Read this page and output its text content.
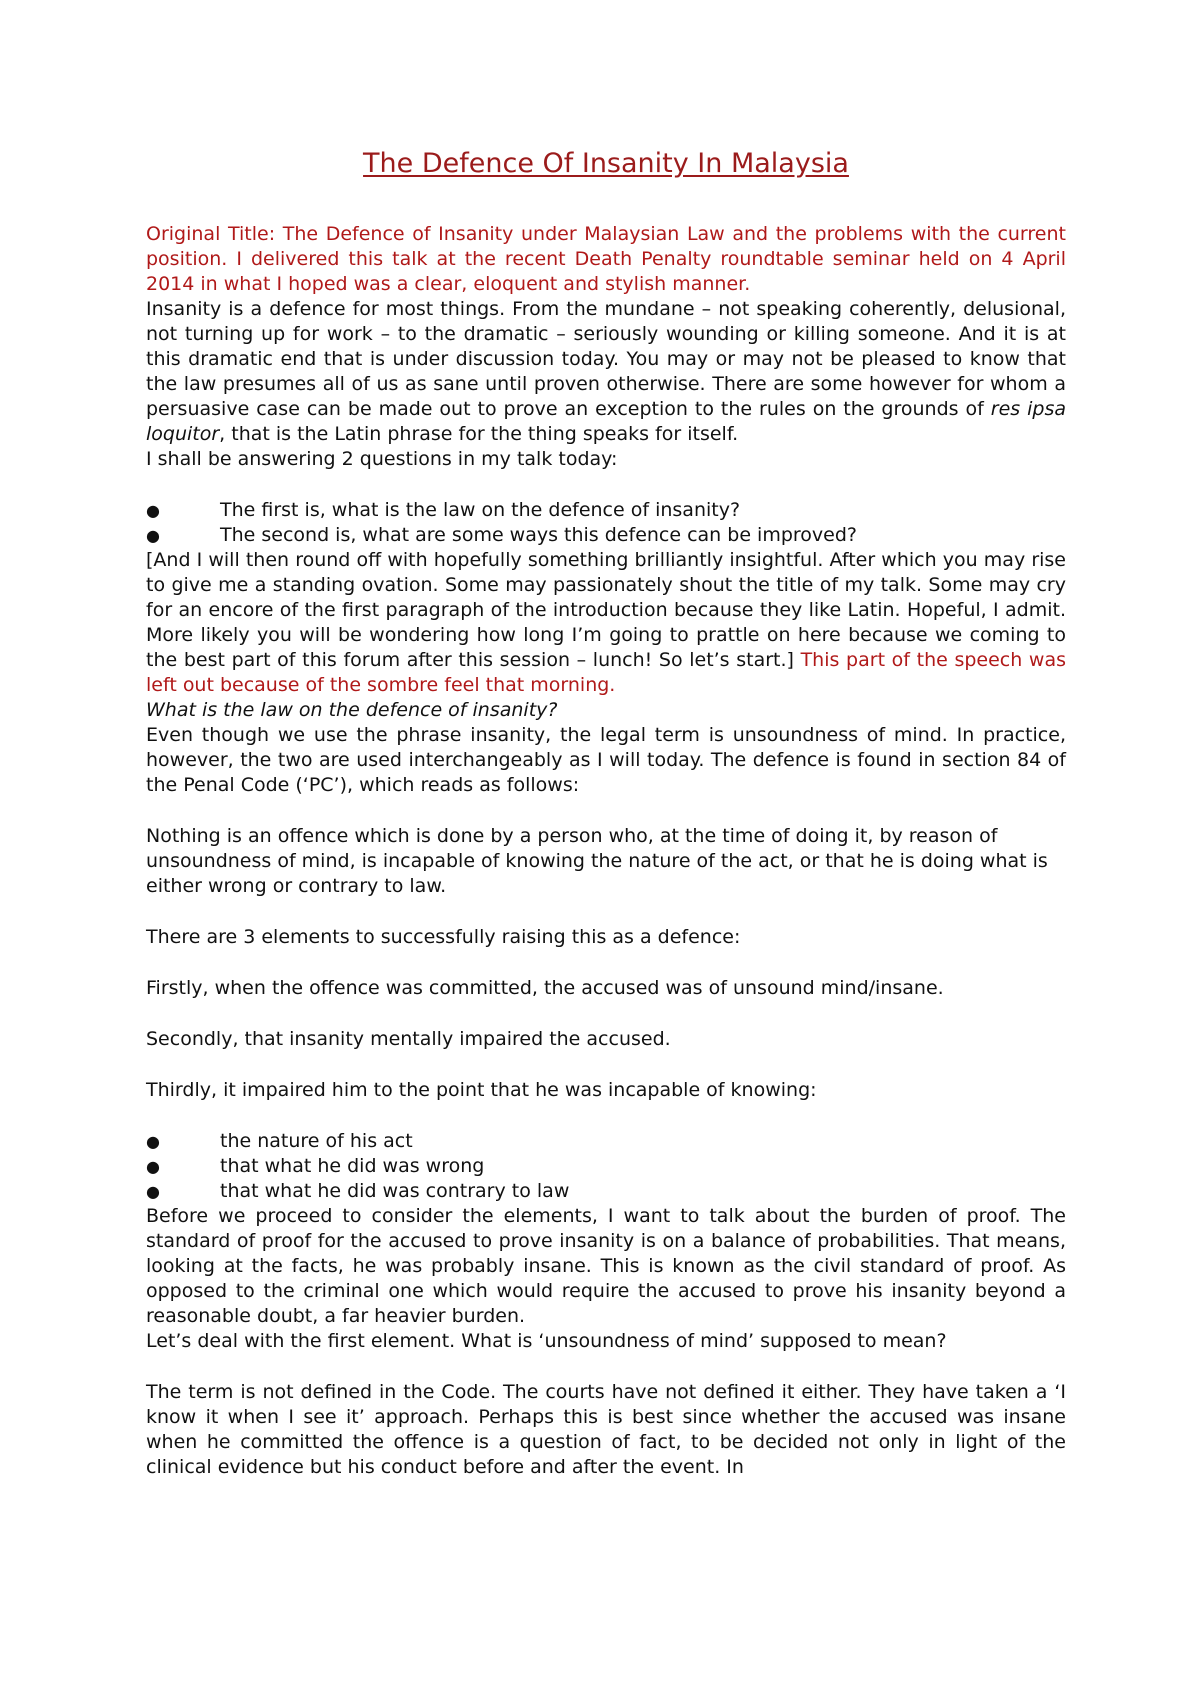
The Defence Of Insanity In Malaysia

Original Title: The Defence of Insanity under Malaysian Law and the problems with the current position. I delivered this talk at the recent Death Penalty roundtable seminar held on 4 April 2014 in what I hoped was a clear, eloquent and stylish manner.

Insanity is a defence for most things. From the mundane – not speaking coherently, delusional, not turning up for work – to the dramatic – seriously wounding or killing someone. And it is at this dramatic end that is under discussion today. You may or may not be pleased to know that the law presumes all of us as sane until proven otherwise. There are some however for whom a persuasive case can be made out to prove an exception to the rules on the grounds of res ipsa loquitor, that is the Latin phrase for the thing speaks for itself.

I shall be answering 2 questions in my talk today:

●	The first is, what is the law on the defence of insanity?
●	The second is, what are some ways this defence can be improved?

[And I will then round off with hopefully something brilliantly insightful. After which you may rise to give me a standing ovation. Some may passionately shout the title of my talk. Some may cry for an encore of the first paragraph of the introduction because they like Latin. Hopeful, I admit. More likely you will be wondering how long I’m going to prattle on here because we coming to the best part of this forum after this session – lunch! So let’s start.] This part of the speech was left out because of the sombre feel that morning.

What is the law on the defence of insanity?

Even though we use the phrase insanity, the legal term is unsoundness of mind. In practice, however, the two are used interchangeably as I will today. The defence is found in section 84 of the Penal Code (‘PC’), which reads as follows:

Nothing is an offence which is done by a person who, at the time of doing it, by reason of unsoundness of mind, is incapable of knowing the nature of the act, or that he is doing what is either wrong or contrary to law.

There are 3 elements to successfully raising this as a defence:

Firstly, when the offence was committed, the accused was of unsound mind/insane.

Secondly, that insanity mentally impaired the accused.

Thirdly, it impaired him to the point that he was incapable of knowing:

●	the nature of his act
●	that what he did was wrong
●	that what he did was contrary to law

Before we proceed to consider the elements, I want to talk about the burden of proof. The standard of proof for the accused to prove insanity is on a balance of probabilities. That means, looking at the facts, he was probably insane. This is known as the civil standard of proof. As opposed to the criminal one which would require the accused to prove his insanity beyond a reasonable doubt, a far heavier burden.

Let’s deal with the first element. What is ‘unsoundness of mind’ supposed to mean?

The term is not defined in the Code. The courts have not defined it either. They have taken a ‘I know it when I see it’ approach. Perhaps this is best since whether the accused was insane when he committed the offence is a question of fact, to be decided not only in light of the clinical evidence but his conduct before and after the event. In
